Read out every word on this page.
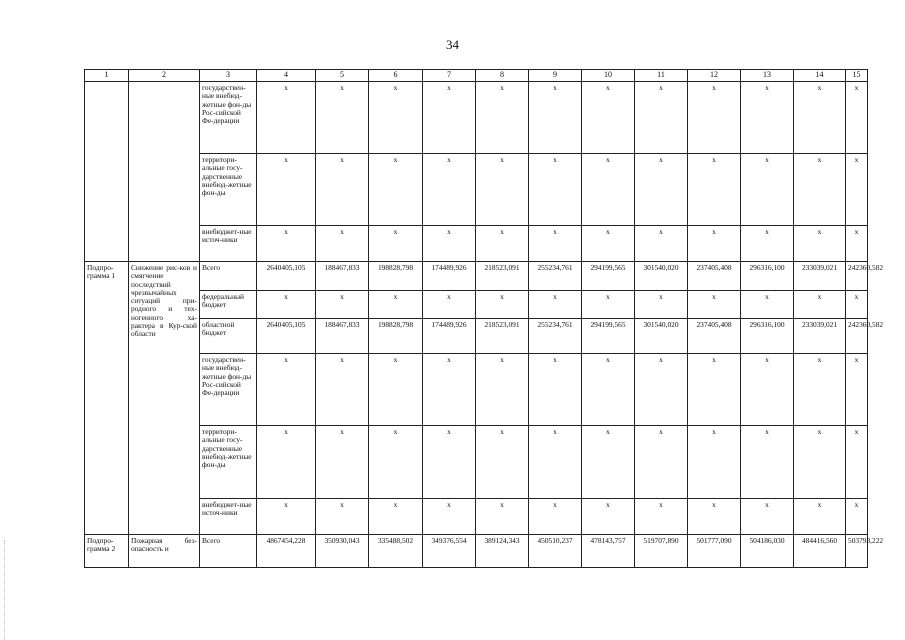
34
1	2	3	4	5	6	7	8	9	10	11	12	13	14	15
		государствен-ные внебюд-жетные фон-ды Рос-сийской Фе-дерации	x	x	x	x	x	x	x	x	x	x	x	x
		территори-альные госу-дарственные внебюд-жетные фон-ды	x	x	x	x	x	x	x	x	x	x	x	x
		внебюджет-ные источ-ники	x	x	x	x	x	x	x	x	x	x	x	x
Подпро-грамма 1	Снижение рис-ков и смягчение последствий чрезвычайных ситуаций при-родного и тех-ногенного ха-рактера в Кур-ской области	Всего	2640405,105	188467,833	198828,798	174489,926	218523,091	255234,761	294199,565	301540,020	237405,408	296316,100	233039,021	242360,582
		федеральный бюджет	x	x	x	x	x	x	x	x	x	x	x	x
		областной бюджет	2640405,105	188467,833	198828,798	174489,926	218523,091	255234,761	294199,565	301540,020	237405,408	296316,100	233039,021	242360,582
		государствен-ные внебюд-жетные фон-ды Рос-сийской Фе-дерации	x	x	x	x	x	x	x	x	x	x	x	x
		территори-альные госу-дарственные внебюд-жетные фон-ды	x	x	x	x	x	x	x	x	x	x	x	x
		внебюджет-ные источ-ники	x	x	x	x	x	x	x	x	x	x	x	x
Подпро-грамма 2	Пожарная без-опасность и	Всего	4867454,228	350930,043	335488,502	349376,554	389124,343	450510,237	478143,757	519707,890	501777,090	504186,030	484416,560	503793,222
